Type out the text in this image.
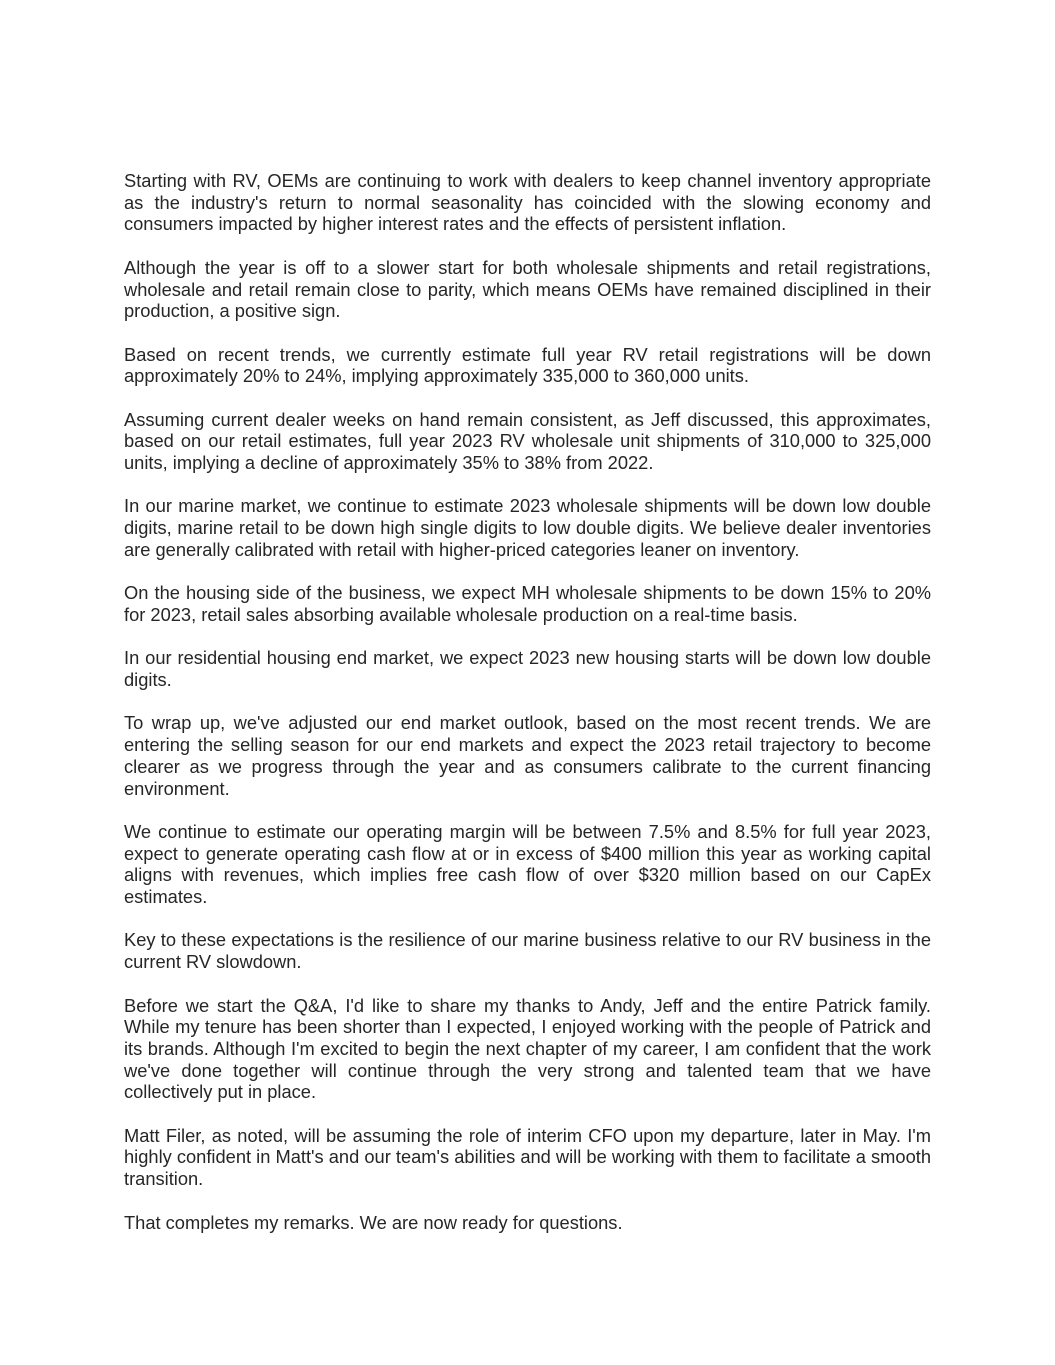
Starting with RV, OEMs are continuing to work with dealers to keep channel inventory appropriate as the industry's return to normal seasonality has coincided with the slowing economy and consumers impacted by higher interest rates and the effects of persistent inflation.

Although the year is off to a slower start for both wholesale shipments and retail registrations, wholesale and retail remain close to parity, which means OEMs have remained disciplined in their production, a positive sign.

Based on recent trends, we currently estimate full year RV retail registrations will be down approximately 20% to 24%, implying approximately 335,000 to 360,000 units.

Assuming current dealer weeks on hand remain consistent, as Jeff discussed, this approximates, based on our retail estimates, full year 2023 RV wholesale unit shipments of 310,000 to 325,000 units, implying a decline of approximately 35% to 38% from 2022.

In our marine market, we continue to estimate 2023 wholesale shipments will be down low double digits, marine retail to be down high single digits to low double digits. We believe dealer inventories are generally calibrated with retail with higher-priced categories leaner on inventory.

On the housing side of the business, we expect MH wholesale shipments to be down 15% to 20% for 2023, retail sales absorbing available wholesale production on a real-time basis.

In our residential housing end market, we expect 2023 new housing starts will be down low double digits.

To wrap up, we've adjusted our end market outlook, based on the most recent trends. We are entering the selling season for our end markets and expect the 2023 retail trajectory to become clearer as we progress through the year and as consumers calibrate to the current financing environment.

We continue to estimate our operating margin will be between 7.5% and 8.5% for full year 2023, expect to generate operating cash flow at or in excess of $400 million this year as working capital aligns with revenues, which implies free cash flow of over $320 million based on our CapEx estimates.

Key to these expectations is the resilience of our marine business relative to our RV business in the current RV slowdown.

Before we start the Q&A, I'd like to share my thanks to Andy, Jeff and the entire Patrick family. While my tenure has been shorter than I expected, I enjoyed working with the people of Patrick and its brands. Although I'm excited to begin the next chapter of my career, I am confident that the work we've done together will continue through the very strong and talented team that we have collectively put in place.

Matt Filer, as noted, will be assuming the role of interim CFO upon my departure, later in May. I'm highly confident in Matt's and our team's abilities and will be working with them to facilitate a smooth transition.

That completes my remarks. We are now ready for questions.
